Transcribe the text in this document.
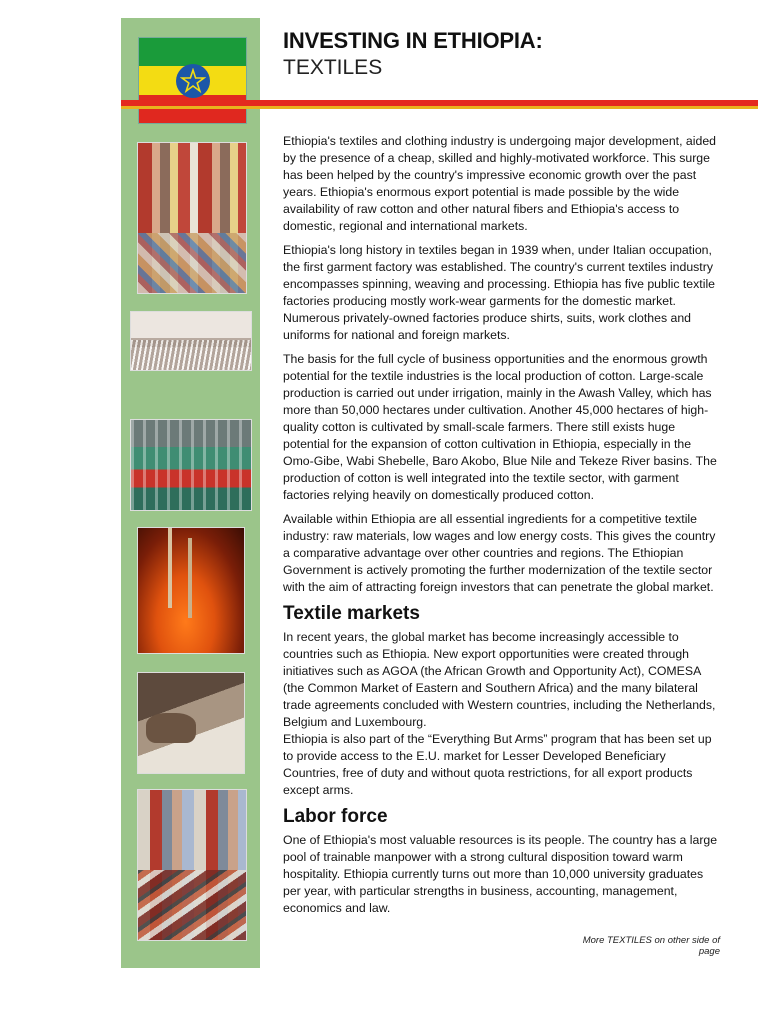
INVESTING IN ETHIOPIA:
TEXTILES

Ethiopia's textiles and clothing industry is undergoing major development, aided by the presence of a cheap, skilled and highly-motivated workforce. This surge has been helped by the country's impressive economic growth over the past years. Ethiopia's enormous export potential is made possible by the wide availability of raw cotton and other natural fibers and Ethiopia's access to domestic, regional and international markets.

Ethiopia's long history in textiles began in 1939 when, under Italian occupation, the first garment factory was established. The country's current textiles industry encompasses spinning, weaving and processing. Ethiopia has five public textile factories producing mostly work-wear garments for the domestic market. Numerous privately-owned factories produce shirts, suits, work clothes and uniforms for national and foreign markets.

The basis for the full cycle of business opportunities and the enormous growth potential for the textile industries is the local production of cotton. Large-scale production is carried out under irrigation, mainly in the Awash Valley, which has more than 50,000 hectares under cultivation. Another 45,000 hectares of high-quality cotton is cultivated by small-scale farmers. There still exists huge potential for the expansion of cotton cultivation in Ethiopia, especially in the Omo-Gibe, Wabi Shebelle, Baro Akobo, Blue Nile and Tekeze River basins. The production of cotton is well integrated into the textile sector, with garment factories relying heavily on domestically produced cotton.

Available within Ethiopia are all essential ingredients for a competitive textile industry: raw materials, low wages and low energy costs. This gives the country a comparative advantage over other countries and regions. The Ethiopian Government is actively promoting the further modernization of the textile sector with the aim of attracting foreign investors that can penetrate the global market.

Textile markets

In recent years, the global market has become increasingly accessible to countries such as Ethiopia. New export opportunities were created through initiatives such as AGOA (the African Growth and Opportunity Act), COMESA (the Common Market of Eastern and Southern Africa) and the many bilateral trade agreements concluded with Western countries, including the Netherlands, Belgium and Luxembourg.

Ethiopia is also part of the “Everything But Arms” program that has been set up to provide access to the E.U. market for Lesser Developed Beneficiary Countries, free of duty and without quota restrictions, for all export products except arms.

Labor force

One of Ethiopia's most valuable resources is its people. The country has a large pool of trainable manpower with a strong cultural disposition toward warm hospitality. Ethiopia currently turns out more than 10,000 university graduates per year, with particular strengths in business, accounting, management, economics and law.

More TEXTILES on other side of page
